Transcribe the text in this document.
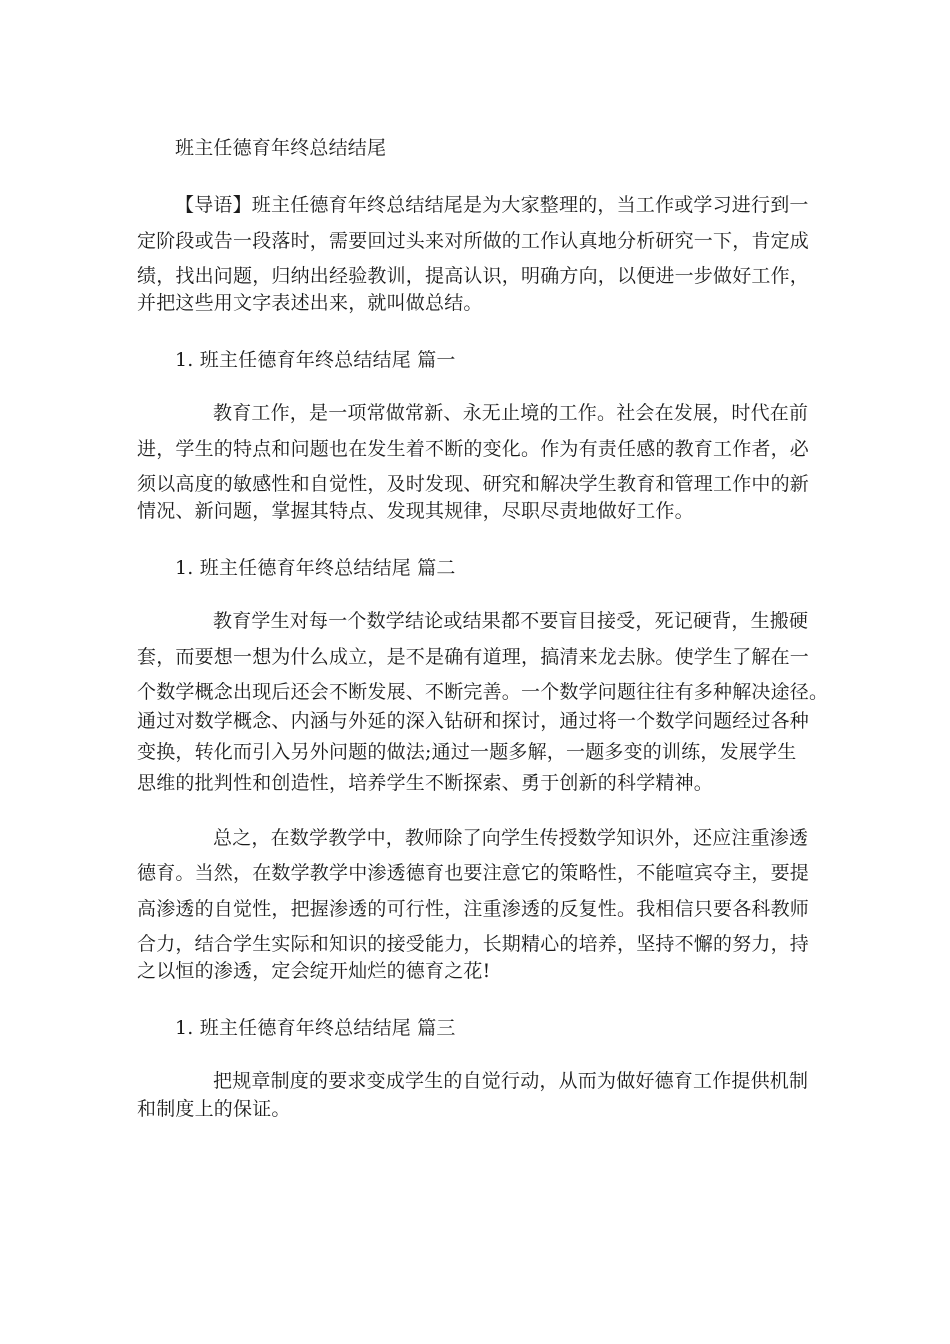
班主任德育年终总结结尾
【导语】班主任德育年终总结结尾是为大家整理的，当工作或学习进行到一
定阶段或告一段落时，需要回过头来对所做的工作认真地分析研究一下，肯定成
绩，找出问题，归纳出经验教训，提高认识，明确方向，以便进一步做好工作，
并把这些用文字表述出来，就叫做总结。
1. 班主任德育年终总结结尾 篇一
教育工作，是一项常做常新、永无止境的工作。社会在发展，时代在前
进，学生的特点和问题也在发生着不断的变化。作为有责任感的教育工作者，必
须以高度的敏感性和自觉性，及时发现、研究和解决学生教育和管理工作中的新
情况、新问题，掌握其特点、发现其规律，尽职尽责地做好工作。
1. 班主任德育年终总结结尾 篇二
教育学生对每一个数学结论或结果都不要盲目接受，死记硬背，生搬硬
套，而要想一想为什么成立，是不是确有道理，搞清来龙去脉。使学生了解在一
个数学概念出现后还会不断发展、不断完善。一个数学问题往往有多种解决途径。
通过对数学概念、内涵与外延的深入钻研和探讨，通过将一个数学问题经过各种
变换，转化而引入另外问题的做法;通过一题多解，一题多变的训练，发展学生
思维的批判性和创造性，培养学生不断探索、勇于创新的科学精神。
总之，在数学教学中，教师除了向学生传授数学知识外，还应注重渗透
德育。当然，在数学教学中渗透德育也要注意它的策略性，不能喧宾夺主，要提
高渗透的自觉性，把握渗透的可行性，注重渗透的反复性。我相信只要各科教师
合力，结合学生实际和知识的接受能力，长期精心的培养，坚持不懈的努力，持
之以恒的渗透，定会绽开灿烂的德育之花!
1. 班主任德育年终总结结尾 篇三
把规章制度的要求变成学生的自觉行动，从而为做好德育工作提供机制
和制度上的保证。
